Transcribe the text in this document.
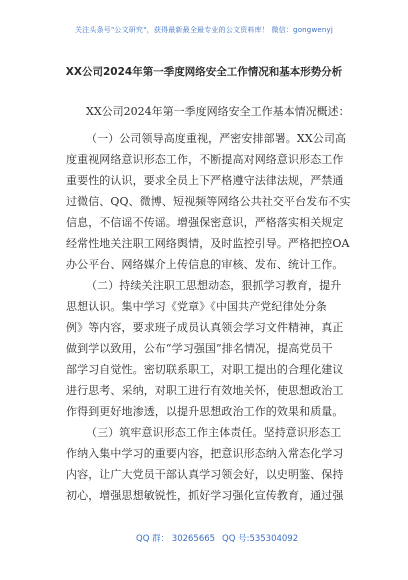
关注头条号"公文研究"，获得最新最全最专业的公文资料库！ 微信：gongwenyj
XX公司2024年第一季度网络安全工作情况和基本形势分析
XX公司2024年第一季度网络安全工作基本情况概述：
（一）公司领导高度重视，严密安排部署。XX公司高
度重视网络意识形态工作，不断提高对网络意识形态工作
重要性的认识，要求全员上下严格遵守法律法规，严禁通
过微信、QQ、微博、短视频等网络公共社交平台发布不实
信息，不信谣不传谣。增强保密意识，严格落实相关规定
经常性地关注职工网络舆情，及时监控引导。严格把控OA
办公平台、网络媒介上传信息的审核、发布、统计工作。
（二）持续关注职工思想动态，狠抓学习教育，提升
思想认识。集中学习《党章》《中国共产党纪律处分条
例》等内容，要求班子成员认真领会学习文件精神，真正
做到学以致用，公布“学习强国”排名情况，提高党员干
部学习自觉性。密切联系职工，对职工提出的合理化建议
进行思考、采纳，对职工进行有效地关怀，使思想政治工
作得到更好地渗透，以提升思想政治工作的效果和质量。
（三）筑牢意识形态工作主体责任。坚持意识形态工
作纳入集中学习的重要内容，把意识形态纳入常态化学习
内容，让广大党员干部认真学习领会好，以史明鉴、保持
初心，增强思想敏锐性，抓好学习强化宣传教育，通过强
QQ 群： 30265665 QQ 号:535304092
